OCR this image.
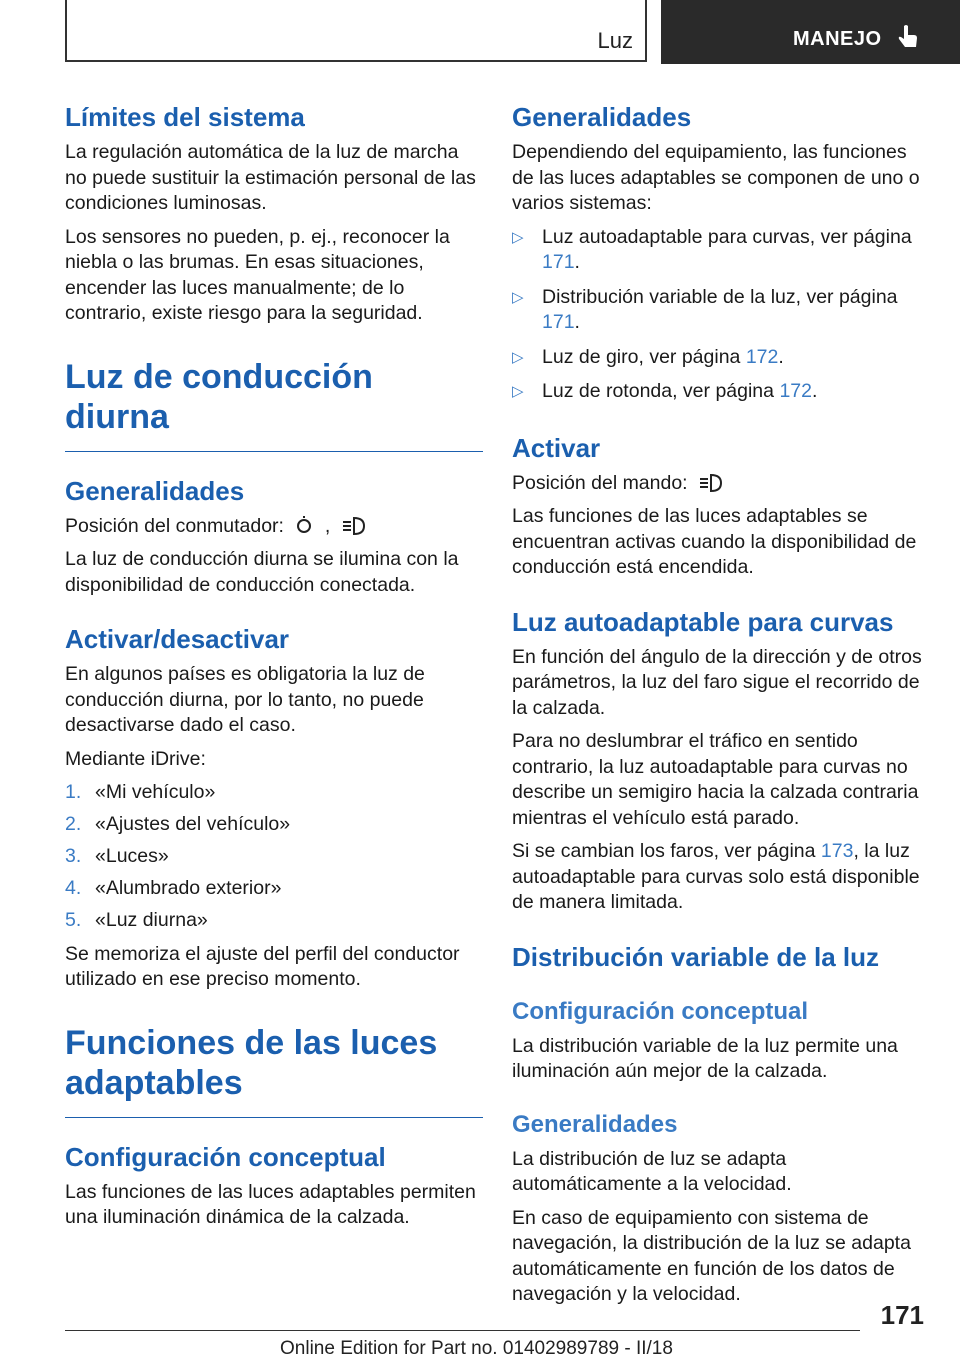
Luz	MANEJO
Límites del sistema

La regulación automática de la luz de marcha no puede sustituir la estimación personal de las condiciones luminosas.

Los sensores no pueden, p. ej., reconocer la niebla o las brumas. En esas situaciones, encender las luces manualmente; de lo contrario, existe riesgo para la seguridad.

Luz de conducción diurna
Generalidades

Posición del conmutador: ,

La luz de conducción diurna se ilumina con la disponibilidad de conducción conectada.

Activar/desactivar

En algunos países es obligatoria la luz de conducción diurna, por lo tanto, no puede desactivarse dado el caso.

Mediante iDrive:

1. «Mi vehículo»
2. «Ajustes del vehículo»
3. «Luces»
4. «Alumbrado exterior»
5. «Luz diurna»

Se memoriza el ajuste del perfil del conductor utilizado en ese preciso momento.

Funciones de las luces adaptables
Configuración conceptual

Las funciones de las luces adaptables permiten una iluminación dinámica de la calzada.

Generalidades

Dependiendo del equipamiento, las funciones de las luces adaptables se componen de uno o varios sistemas:

▷ Luz autoadaptable para curvas, ver página 171.
▷ Distribución variable de la luz, ver página 171.
▷ Luz de giro, ver página 172.
▷ Luz de rotonda, ver página 172.
Activar

Posición del mando:

Las funciones de las luces adaptables se encuentran activas cuando la disponibilidad de conducción está encendida.

Luz autoadaptable para curvas

En función del ángulo de la dirección y de otros parámetros, la luz del faro sigue el recorrido de la calzada.

Para no deslumbrar el tráfico en sentido contrario, la luz autoadaptable para curvas no describe un semigiro hacia la calzada contraria mientras el vehículo está parado.

Si se cambian los faros, ver página 173, la luz autoadaptable para curvas solo está disponible de manera limitada.

Distribución variable de la luz
Configuración conceptual

La distribución variable de la luz permite una iluminación aún mejor de la calzada.

Generalidades

La distribución de luz se adapta automáticamente a la velocidad.

En caso de equipamiento con sistema de navegación, la distribución de la luz se adapta automáticamente en función de los datos de navegación y la velocidad.

171
Online Edition for Part no. 01402989789 - II/18
